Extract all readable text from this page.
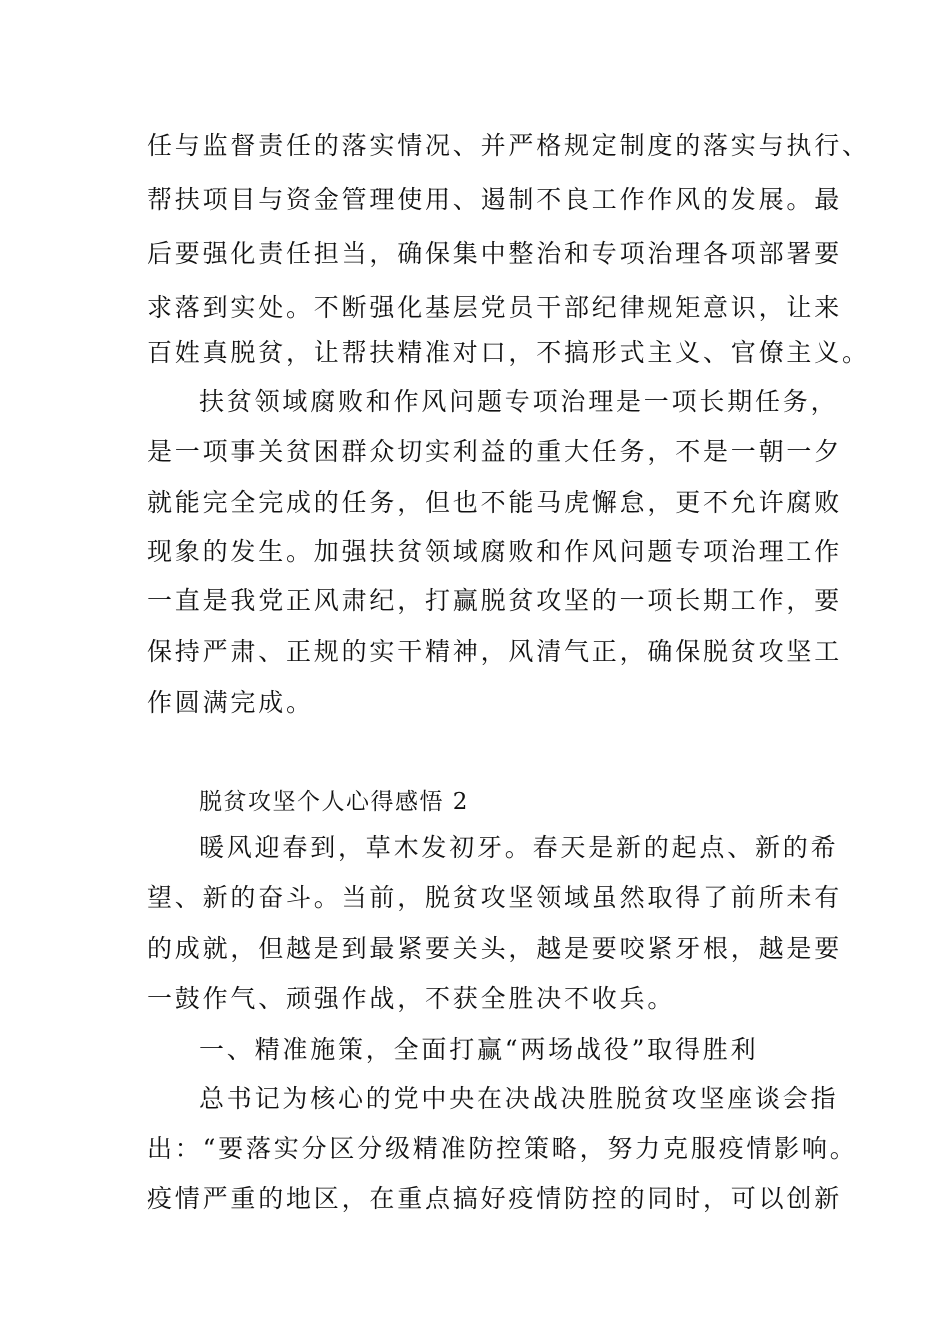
任与监督责任的落实情况、并严格规定制度的落实与执行、
帮扶项目与资金管理使用、遏制不良工作作风的发展。最
后要强化责任担当，确保集中整治和专项治理各项部署要
求落到实处。不断强化基层党员干部纪律规矩意识，让来
百姓真脱贫，让帮扶精准对口，不搞形式主义、官僚主义。
扶贫领域腐败和作风问题专项治理是一项长期任务，
是一项事关贫困群众切实利益的重大任务，不是一朝一夕
就能完全完成的任务，但也不能马虎懈怠，更不允许腐败
现象的发生。加强扶贫领域腐败和作风问题专项治理工作
一直是我党正风肃纪，打赢脱贫攻坚的一项长期工作，要
保持严肃、正规的实干精神，风清气正，确保脱贫攻坚工
作圆满完成。
脱贫攻坚个人心得感悟 2
暖风迎春到，草木发初牙。春天是新的起点、新的希
望、新的奋斗。当前，脱贫攻坚领域虽然取得了前所未有
的成就，但越是到最紧要关头，越是要咬紧牙根，越是要
一鼓作气、顽强作战，不获全胜决不收兵。
一、精准施策，全面打赢“两场战役”取得胜利
总书记为核心的党中央在决战决胜脱贫攻坚座谈会指
出：“要落实分区分级精准防控策略，努力克服疫情影响。
疫情严重的地区，在重点搞好疫情防控的同时，可以创新
